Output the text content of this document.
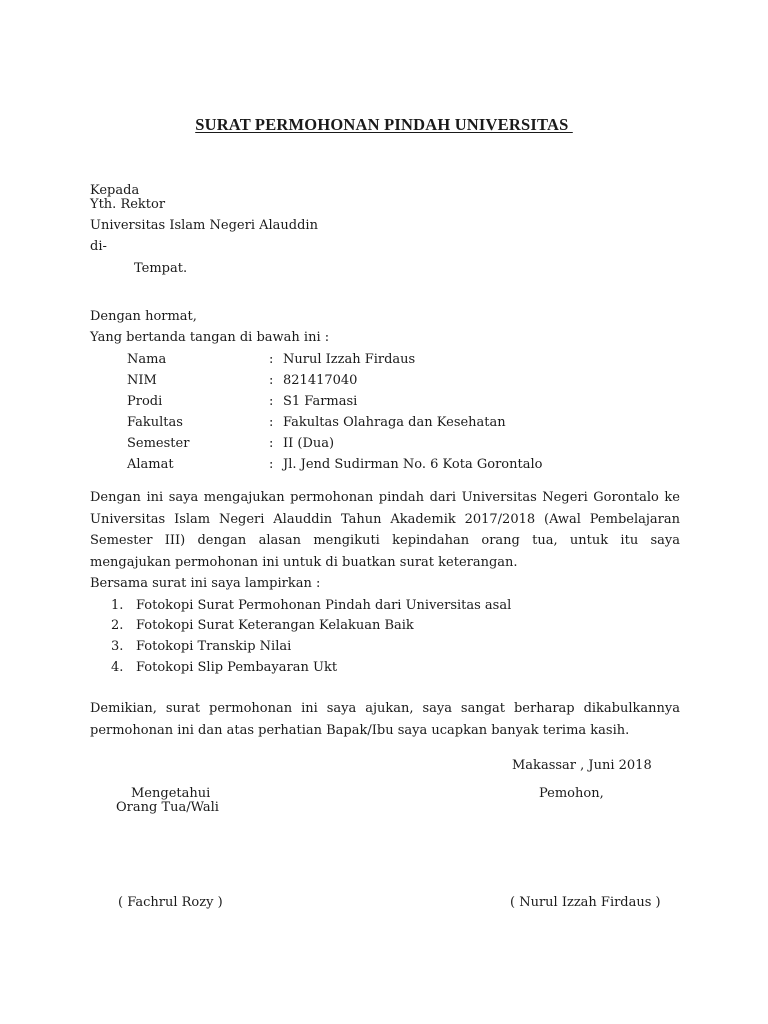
SURAT PERMOHONAN PINDAH UNIVERSITAS
Kepada
Yth. Rektor
Universitas Islam Negeri Alauddin
di-
Tempat.
Dengan hormat,
Yang bertanda tangan di bawah ini :
Nama	: Nurul Izzah Firdaus
NIM	: 821417040
Prodi	: S1 Farmasi
Fakultas	: Fakultas Olahraga dan Kesehatan
Semester	: II (Dua)
Alamat	: Jl. Jend Sudirman No. 6 Kota Gorontalo
Dengan ini saya mengajukan permohonan pindah dari Universitas Negeri Gorontalo ke Universitas Islam Negeri Alauddin Tahun Akademik 2017/2018 (Awal Pembelajaran Semester III) dengan alasan mengikuti kepindahan orang tua, untuk itu saya mengajukan permohonan ini untuk di buatkan surat keterangan.
Bersama surat ini saya lampirkan :
1. Fotokopi Surat Permohonan Pindah dari Universitas asal
2. Fotokopi Surat Keterangan Kelakuan Baik
3. Fotokopi Transkip Nilai
4. Fotokopi Slip Pembayaran Ukt
Demikian, surat permohonan ini saya ajukan, saya sangat berharap dikabulkannya permohonan ini dan atas perhatian Bapak/Ibu saya ucapkan banyak terima kasih.
Makassar , Juni 2018
Mengetahui
Orang Tua/Wali
Pemohon,
( Fachrul Rozy )	( Nurul Izzah Firdaus )
